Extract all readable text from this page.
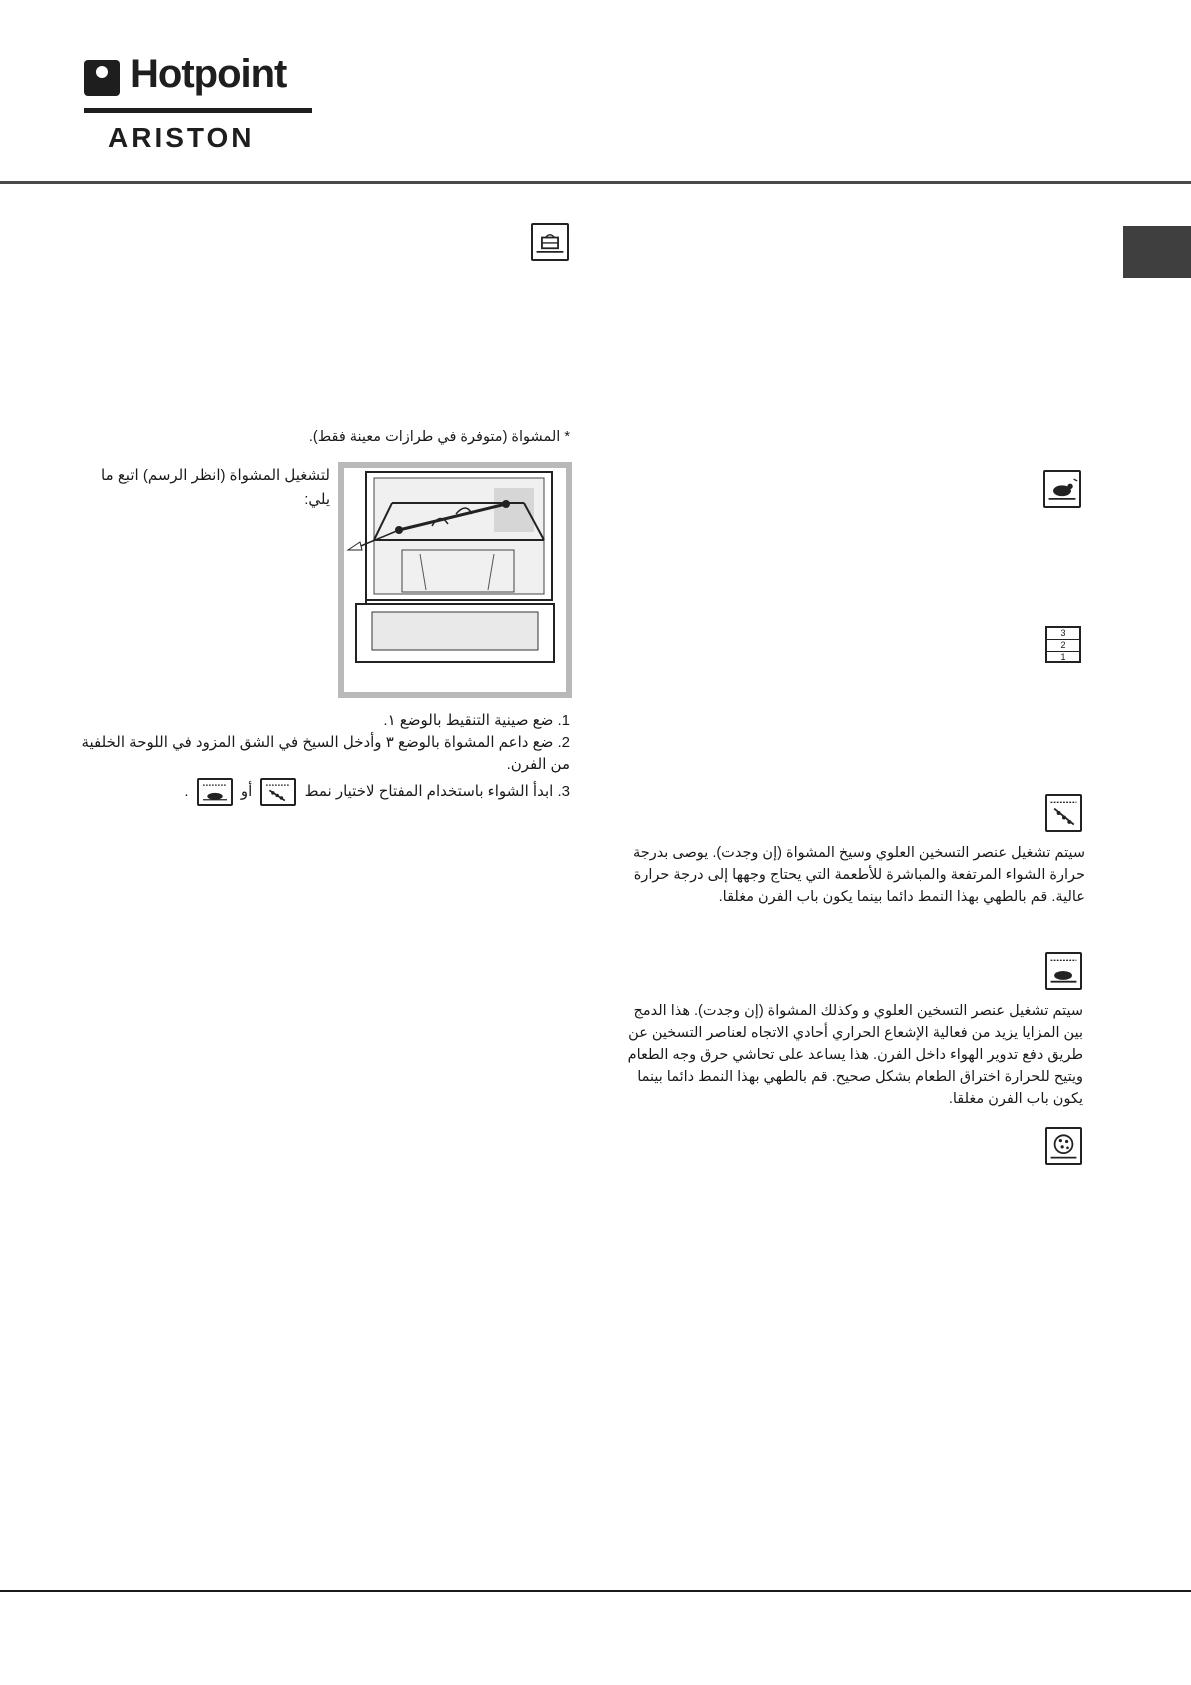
Hotpoint
ARISTON
* المشواة (متوفرة في طرازات معينة فقط).
لتشغيل المشواة (انظر الرسم) اتبع ما يلي:

1. ضع صينية التنقيط بالوضع ١.

2. ضع داعم المشواة بالوضع ٣ وأدخل السيخ في الشق المزود في اللوحة الخلفية من الفرن.

3. ابدأ الشواء باستخدام المفتاح لاختيار نمط
أو
.

3
2
1
سيتم تشغيل عنصر التسخين العلوي وسيخ المشواة (إن وجدت). يوصى بدرجة حرارة الشواء المرتفعة والمباشرة للأطعمة التي يحتاج وجهها إلى درجة حرارة عالية. قم بالطهي بهذا النمط دائما بينما يكون باب الفرن مغلقا.
سيتم تشغيل عنصر التسخين العلوي و وكذلك المشواة (إن وجدت). هذا الدمج بين المزايا يزيد من فعالية الإشعاع الحراري أحادي الاتجاه لعناصر التسخين عن طريق دفع تدوير الهواء داخل الفرن. هذا يساعد على تحاشي حرق وجه الطعام ويتيح للحرارة اختراق الطعام بشكل صحيح. قم بالطهي بهذا النمط دائما بينما يكون باب الفرن مغلقا.
